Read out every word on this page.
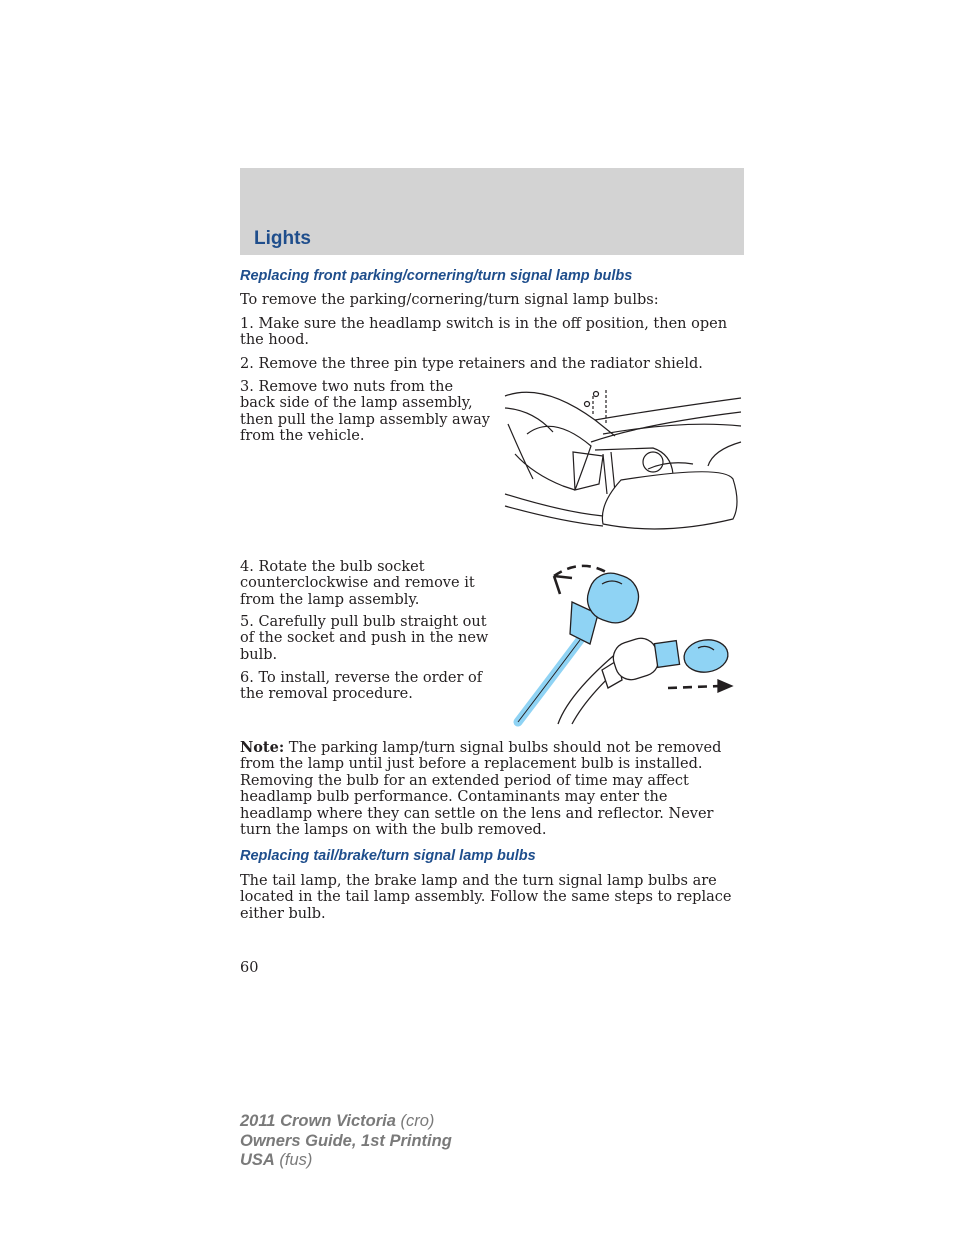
Lights
Replacing front parking/cornering/turn signal lamp bulbs
To remove the parking/cornering/turn signal lamp bulbs:
1. Make sure the headlamp switch is in the off position, then open the hood.
2. Remove the three pin type retainers and the radiator shield.
3. Remove two nuts from the back side of the lamp assembly, then pull the lamp assembly away from the vehicle.
4. Rotate the bulb socket counterclockwise and remove it from the lamp assembly.
5. Carefully pull bulb straight out of the socket and push in the new bulb.
6. To install, reverse the order of the removal procedure.
Note: The parking lamp/turn signal bulbs should not be removed from the lamp until just before a replacement bulb is installed. Removing the bulb for an extended period of time may affect headlamp bulb performance. Contaminants may enter the headlamp where they can settle on the lens and reflector. Never turn the lamps on with the bulb removed.
Replacing tail/brake/turn signal lamp bulbs
The tail lamp, the brake lamp and the turn signal lamp bulbs are located in the tail lamp assembly. Follow the same steps to replace either bulb.
60
2011 Crown Victoria (cro)
Owners Guide, 1st Printing
USA (fus)
